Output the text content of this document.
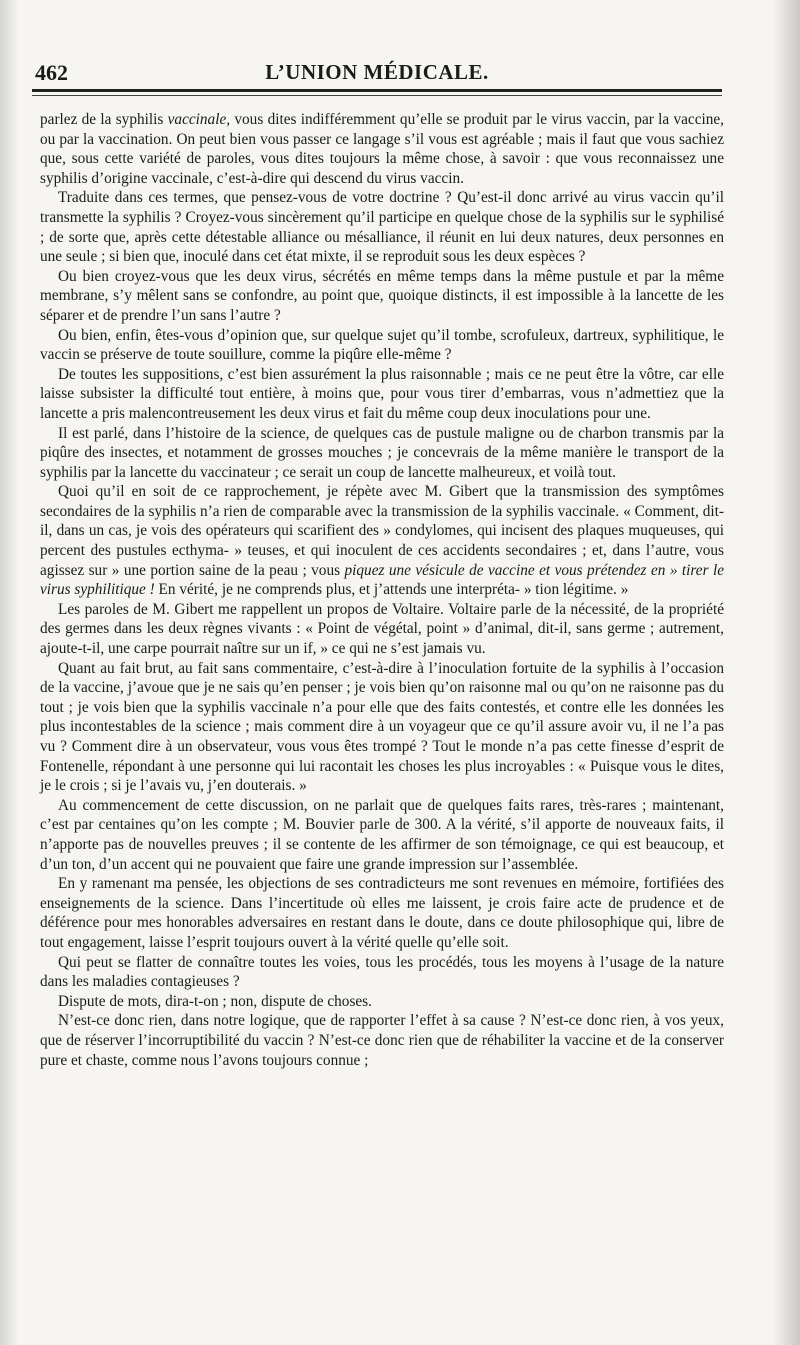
462	L’UNION MÉDICALE.

parlez de la syphilis vaccinale, vous dites indifféremment qu’elle se produit par le virus vaccin, par la vaccine, ou par la vaccination. On peut bien vous passer ce langage s’il vous est agréable ; mais il faut que vous sachiez que, sous cette variété de paroles, vous dites toujours la même chose, à savoir : que vous reconnaissez une syphilis d’origine vaccinale, c’est-à-dire qui descend du virus vaccin.

Traduite dans ces termes, que pensez-vous de votre doctrine ? Qu’est-il donc arrivé au virus vaccin qu’il transmette la syphilis ? Croyez-vous sincèrement qu’il participe en quelque chose de la syphilis sur le syphilisé ; de sorte que, après cette détestable alliance ou mésalliance, il réunit en lui deux natures, deux personnes en une seule ; si bien que, inoculé dans cet état mixte, il se reproduit sous les deux espèces ?

Ou bien croyez-vous que les deux virus, sécrétés en même temps dans la même pustule et par la même membrane, s’y mêlent sans se confondre, au point que, quoique distincts, il est impossible à la lancette de les séparer et de prendre l’un sans l’autre ?

Ou bien, enfin, êtes-vous d’opinion que, sur quelque sujet qu’il tombe, scrofuleux, dartreux, syphilitique, le vaccin se préserve de toute souillure, comme la piqûre elle-même ?

De toutes les suppositions, c’est bien assurément la plus raisonnable ; mais ce ne peut être la vôtre, car elle laisse subsister la difficulté tout entière, à moins que, pour vous tirer d’embarras, vous n’admettiez que la lancette a pris malencontreusement les deux virus et fait du même coup deux inoculations pour une.

Il est parlé, dans l’histoire de la science, de quelques cas de pustule maligne ou de charbon transmis par la piqûre des insectes, et notamment de grosses mouches ; je concevrais de la même manière le transport de la syphilis par la lancette du vaccinateur ; ce serait un coup de lancette malheureux, et voilà tout.

Quoi qu’il en soit de ce rapprochement, je répète avec M. Gibert que la transmission des symptômes secondaires de la syphilis n’a rien de comparable avec la transmission de la syphilis vaccinale. « Comment, dit-il, dans un cas, je vois des opérateurs qui scarifient des » condylomes, qui incisent des plaques muqueuses, qui percent des pustules ecthyma- » teuses, et qui inoculent de ces accidents secondaires ; et, dans l’autre, vous agissez sur » une portion saine de la peau ; vous piquez une vésicule de vaccine et vous prétendez en » tirer le virus syphilitique ! En vérité, je ne comprends plus, et j’attends une interpréta- » tion légitime. »

Les paroles de M. Gibert me rappellent un propos de Voltaire. Voltaire parle de la nécessité, de la propriété des germes dans les deux règnes vivants : « Point de végétal, point » d’animal, dit-il, sans germe ; autrement, ajoute-t-il, une carpe pourrait naître sur un if, » ce qui ne s’est jamais vu.

Quant au fait brut, au fait sans commentaire, c’est-à-dire à l’inoculation fortuite de la syphilis à l’occasion de la vaccine, j’avoue que je ne sais qu’en penser ; je vois bien qu’on raisonne mal ou qu’on ne raisonne pas du tout ; je vois bien que la syphilis vaccinale n’a pour elle que des faits contestés, et contre elle les données les plus incontestables de la science ; mais comment dire à un voyageur que ce qu’il assure avoir vu, il ne l’a pas vu ? Comment dire à un observateur, vous vous êtes trompé ? Tout le monde n’a pas cette finesse d’esprit de Fontenelle, répondant à une personne qui lui racontait les choses les plus incroyables : « Puisque vous le dites, je le crois ; si je l’avais vu, j’en douterais. »

Au commencement de cette discussion, on ne parlait que de quelques faits rares, très-rares ; maintenant, c’est par centaines qu’on les compte ; M. Bouvier parle de 300. A la vérité, s’il apporte de nouveaux faits, il n’apporte pas de nouvelles preuves ; il se contente de les affirmer de son témoignage, ce qui est beaucoup, et d’un ton, d’un accent qui ne pouvaient que faire une grande impression sur l’assemblée.

En y ramenant ma pensée, les objections de ses contradicteurs me sont revenues en mémoire, fortifiées des enseignements de la science. Dans l’incertitude où elles me laissent, je crois faire acte de prudence et de déférence pour mes honorables adversaires en restant dans le doute, dans ce doute philosophique qui, libre de tout engagement, laisse l’esprit toujours ouvert à la vérité quelle qu’elle soit.

Qui peut se flatter de connaître toutes les voies, tous les procédés, tous les moyens à l’usage de la nature dans les maladies contagieuses ?

Dispute de mots, dira-t-on ; non, dispute de choses.

N’est-ce donc rien, dans notre logique, que de rapporter l’effet à sa cause ? N’est-ce donc rien, à vos yeux, que de réserver l’incorruptibilité du vaccin ? N’est-ce donc rien que de réhabiliter la vaccine et de la conserver pure et chaste, comme nous l’avons toujours connue ;
